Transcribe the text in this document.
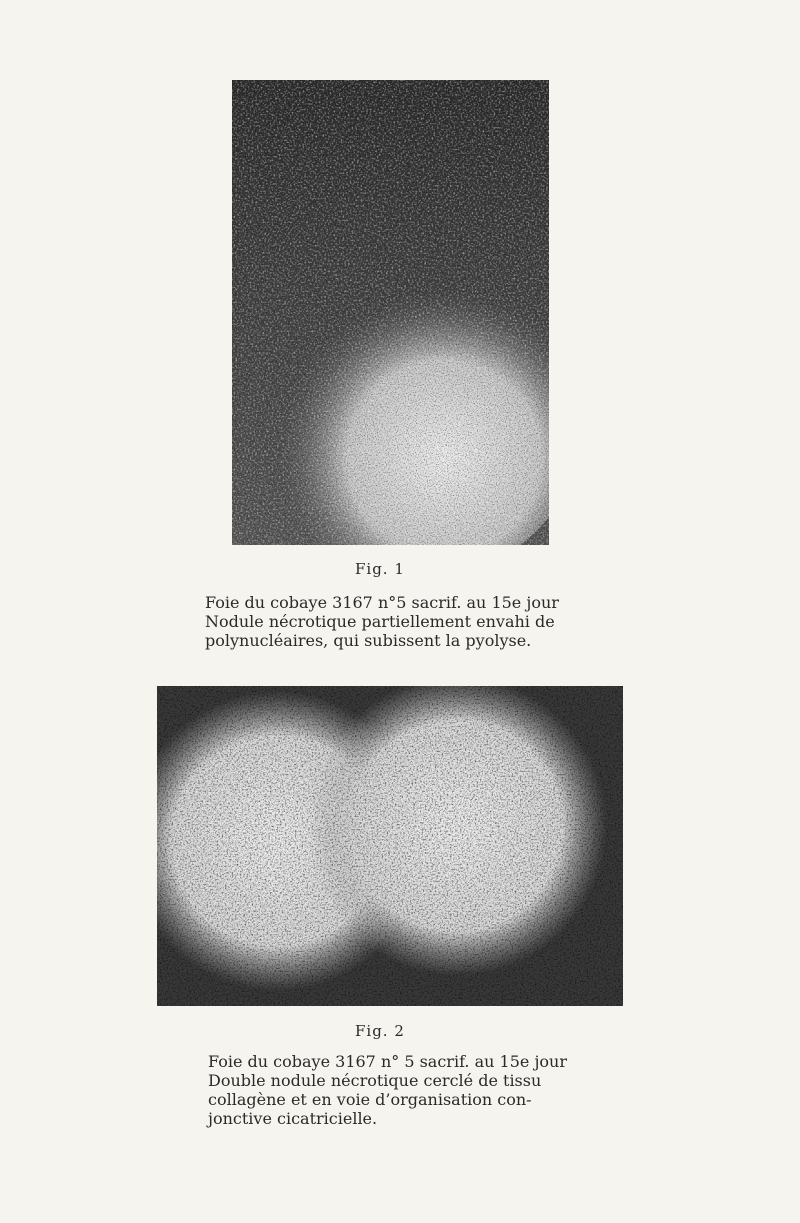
Fig. 1
Foie du cobaye 3167 n°5 sacrif. au 15e jour
Nodule nécrotique partiellement envahi de
polynucléaires, qui subissent la pyolyse.
Fig. 2
Foie du cobaye 3167 n° 5 sacrif. au 15e jour
Double nodule nécrotique cerclé de tissu
collagène et en voie d’organisation con-
jonctive cicatricielle.
